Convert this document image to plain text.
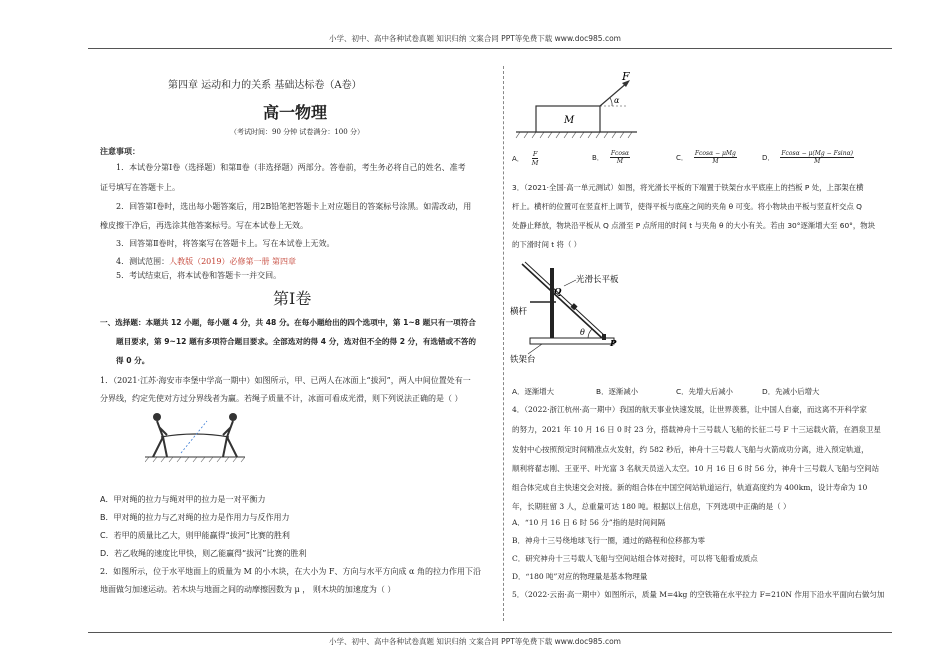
小学、初中、高中各种试卷真题 知识归纳 文案合同 PPT等免费下载 www.doc985.com
小学、初中、高中各种试卷真题 知识归纳 文案合同 PPT等免费下载 www.doc985.com
第四章 运动和力的关系 基础达标卷（A卷）
高一物理
（考试时间：90 分钟 试卷满分：100 分）
注意事项：
1．本试卷分第Ⅰ卷（选择题）和第Ⅱ卷（非选择题）两部分。答卷前，考生务必将自己的姓名、准考
证号填写在答题卡上。
2．回答第Ⅰ卷时，选出每小题答案后，用2B铅笔把答题卡上对应题目的答案标号涂黑。如需改动，用
橡皮擦干净后，再选涂其他答案标号。写在本试卷上无效。
3．回答第Ⅱ卷时，将答案写在答题卡上。写在本试卷上无效。
4．测试范围：人教版（2019）必修第一册 第四章
5．考试结束后，将本试卷和答题卡一并交回。
第Ⅰ卷
一、选择题：本题共 12 小题，每小题 4 分，共 48 分。在每小题给出的四个选项中，第 1~8 题只有一项符合
题目要求，第 9~12 题有多项符合题目要求。全部选对的得 4 分，选对但不全的得 2 分，有选错或不答的
得 0 分。
1．（2021·江苏·海安市李堡中学高一期中）如图所示，甲、已两人在冰面上“拔河”，两人中间位置处有一
分界线，约定先使对方过分界线者为赢。若绳子质量不计，冰面可看成光滑，则下列说法正确的是（ ）
A．甲对绳的拉力与绳对甲的拉力是一对平衡力
B．甲对绳的拉力与乙对绳的拉力是作用力与反作用力
C．若甲的质量比乙大，则甲能赢得“拔河”比赛的胜利
D．若乙收绳的速度比甲快，则乙能赢得“拔河”比赛的胜利
2．如图所示，位于水平地面上的质量为 M 的小木块，在大小为 F、方向与水平方向成 α 角的拉力作用下沿
地面做匀加速运动。若木块与地面之间的动摩擦因数为 μ ， 则木块的加速度为（ ）
F
α
M
A． $\frac{F}{M}$	B． $\frac{Fcos\alpha}{M}$	C． Fcosα − μMg
M	D． $\frac{Fcos\alpha - \mu(Mg - Fsin\alpha)}{M}$
3．（2021·全国·高一单元测试）如图，将光滑长平板的下端置于铁架台水平底座上的挡板 P 处，上部架在横
杆上。横杆的位置可在竖直杆上调节，使得平板与底座之间的夹角 θ 可变。将小物块由平板与竖直杆交点 Q
处静止释放，物块沿平板从 Q 点滑至 P 点所用的时间 t 与夹角 θ 的大小有关。若由 30°逐渐增大至 60°，物块
的下滑时间 t 将（ ）
光滑长平板
横杆
铁架台
Q
P
θ
A．逐渐增大	B．逐渐减小	C．先增大后减小	D．先减小后增大
4．（2022·浙江杭州·高一期中）我国的航天事业快速发展，让世界羡慕，让中国人自豪，而这离不开科学家
的努力，2021 年 10 月 16 日 0 时 23 分，搭载神舟十三号载人飞船的长征二号 F 十三运载火箭，在酒泉卫星
发射中心按照预定时间精准点火发射，约 582 秒后，神舟十三号载人飞船与火箭成功分离，进入预定轨道，
顺利将翟志刚、王亚平、叶光富 3 名航天员送入太空。10 月 16 日 6 时 56 分，神舟十三号载人飞船与空间站
组合体完成自主快速交会对接。新的组合体在中国空间站轨道运行，轨道高度约为 400km，设计寿命为 10
年，长期驻留 3 人，总重量可达 180 吨。根据以上信息，下列选项中正确的是（ ）
A．“10 月 16 日 6 时 56 分”指的是时间间隔
B．神舟十三号绕地球飞行一圈，通过的路程和位移都为零
C．研究神舟十三号载人飞船与空间站组合体对接时，可以将飞船看成质点
D．“180 吨”对应的物理量是基本物理量
5．（2022·云南·高一期中）如图所示，质量 M=4kg 的空铁箱在水平拉力 F=210N 作用下沿水平面向右做匀加
